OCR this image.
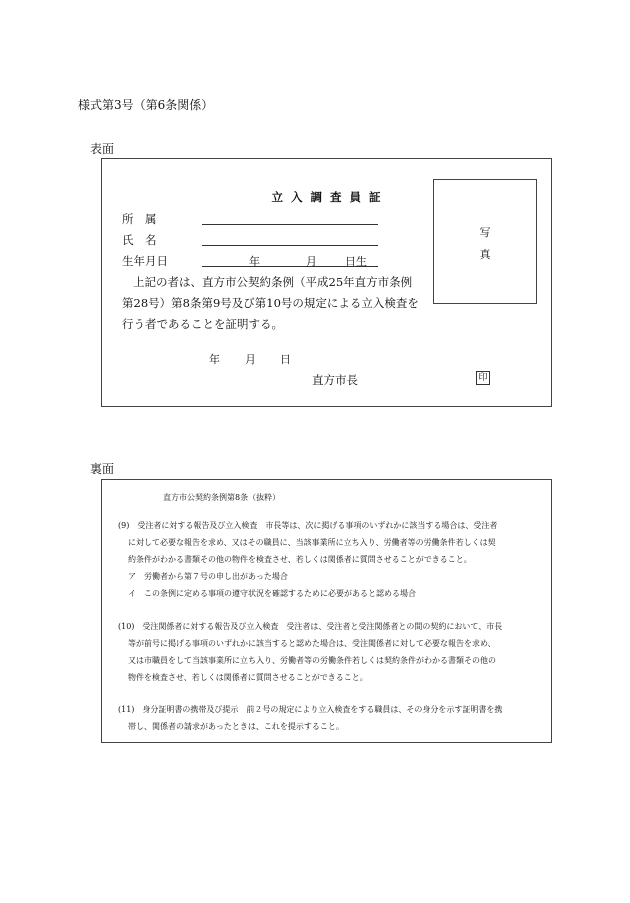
様式第3号（第6条関係）
表面
立入調査員証
所　属
氏　名
生年月日	年	月	日生
上記の者は、直方市公契約条例（平成25年直方市条例
第28号）第8条第9号及び第10号の規定による立入検査を
行う者であることを証明する。
年 月 日
直方市長	印
写
真
裏面
直方市公契約条例第8条（抜粋）
(9)　受注者に対する報告及び立入検査　市長等は、次に掲げる事項のいずれかに該当する場合は、受注者
に対して必要な報告を求め、又はその職員に、当該事業所に立ち入り、労働者等の労働条件若しくは契
約条件がわかる書類その他の物件を検査させ、若しくは関係者に質問させることができること。
ア　労働者から第７号の申し出があった場合
イ　この条例に定める事項の遵守状況を確認するために必要があると認める場合
(10)　受注関係者に対する報告及び立入検査　受注者は、受注者と受注関係者との間の契約において、市長
等が前号に掲げる事項のいずれかに該当すると認めた場合は、受注関係者に対して必要な報告を求め、
又は市職員をして当該事業所に立ち入り、労働者等の労働条件若しくは契約条件がわかる書類その他の
物件を検査させ、若しくは関係者に質問させることができること。
(11)　身分証明書の携帯及び提示　前２号の規定により立入検査をする職員は、その身分を示す証明書を携
帯し、関係者の請求があったときは、これを提示すること。
